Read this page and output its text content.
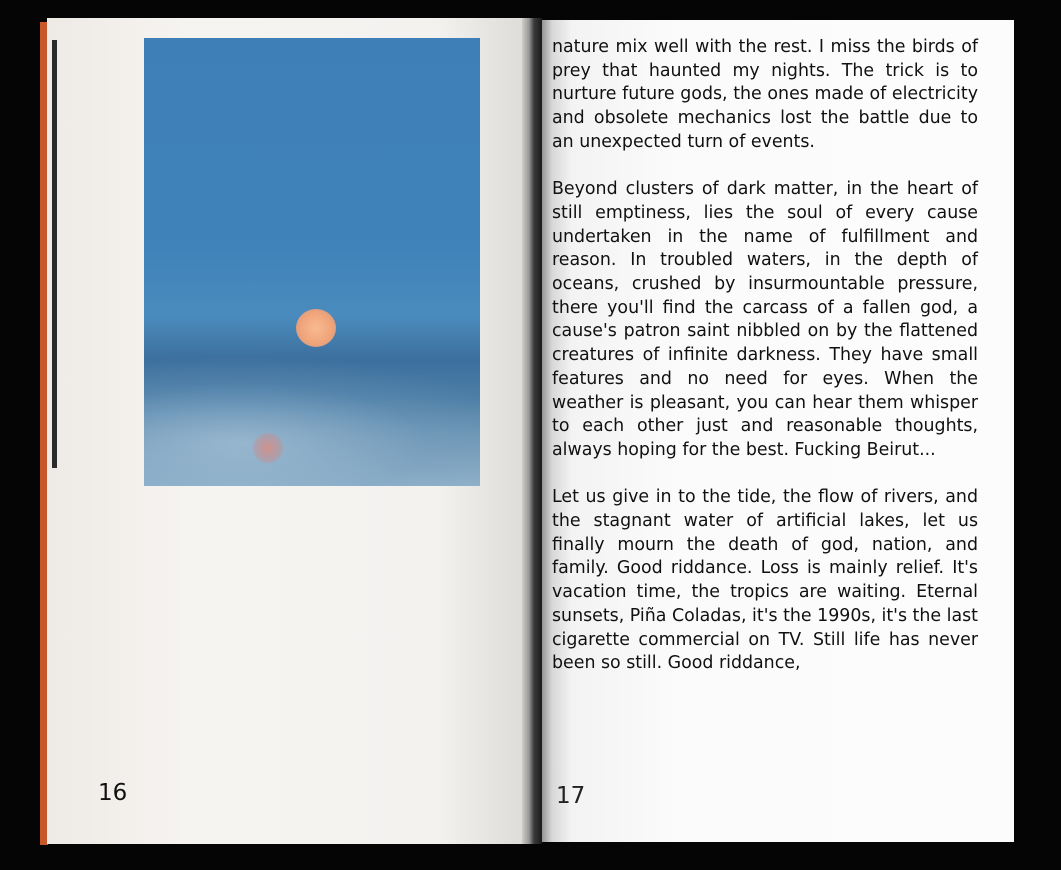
16

nature mix well with the rest. I miss the birds of prey that haunted my nights. The trick is to nurture future gods, the ones made of electricity and obsolete mechanics lost the battle due to an unexpected turn of events.

Beyond clusters of dark matter, in the heart of still emptiness, lies the soul of every cause undertaken in the name of fulfillment and reason. In troubled waters, in the depth of oceans, crushed by insurmountable pressure, there you'll find the carcass of a fallen god, a cause's patron saint nibbled on by the flattened creatures of infinite darkness. They have small features and no need for eyes. When the weather is pleasant, you can hear them whisper to each other just and reasonable thoughts, always hoping for the best. Fucking Beirut...

Let us give in to the tide, the flow of rivers, and the stagnant water of artificial lakes, let us finally mourn the death of god, nation, and family. Good riddance. Loss is mainly relief. It's vacation time, the tropics are waiting. Eternal sunsets, Piña Coladas, it's the 1990s, it's the last cigarette commercial on TV. Still life has never been so still. Good riddance,

17
